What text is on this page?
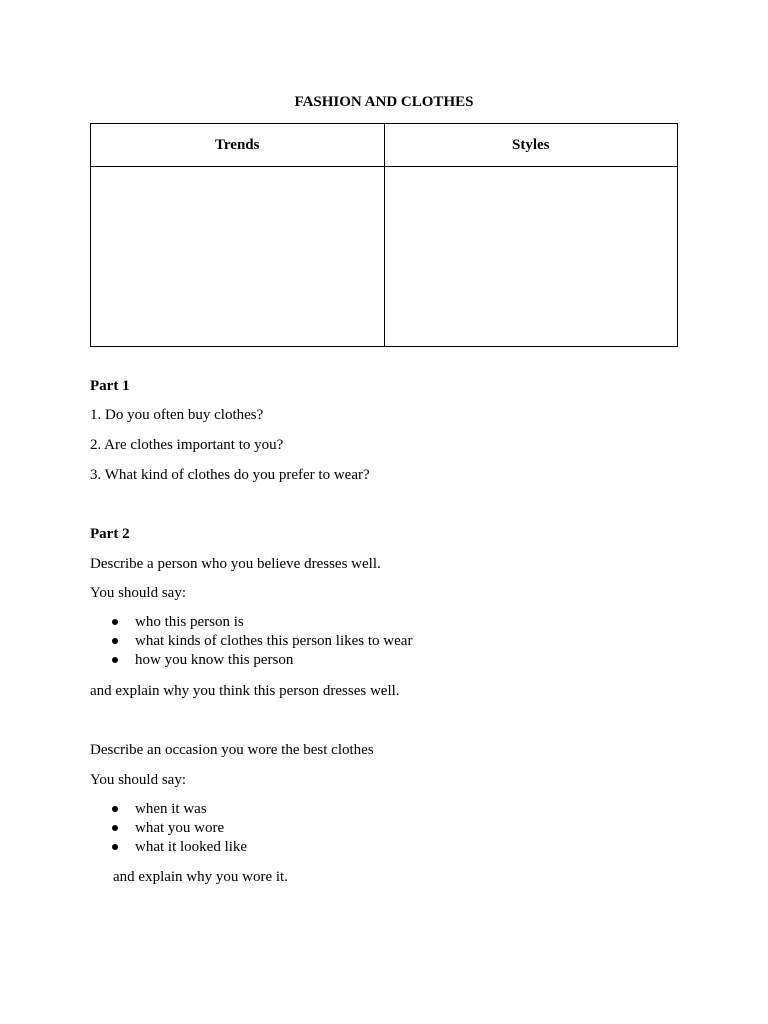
FASHION AND CLOTHES
Trends	Styles

Part 1
1. Do you often buy clothes?
2. Are clothes important to you?
3. What kind of clothes do you prefer to wear?
Part 2
Describe a person who you believe dresses well.
You should say:
who this person is
what kinds of clothes this person likes to wear
how you know this person
and explain why you think this person dresses well.
Describe an occasion you wore the best clothes
You should say:
when it was
what you wore
what it looked like
and explain why you wore it.
